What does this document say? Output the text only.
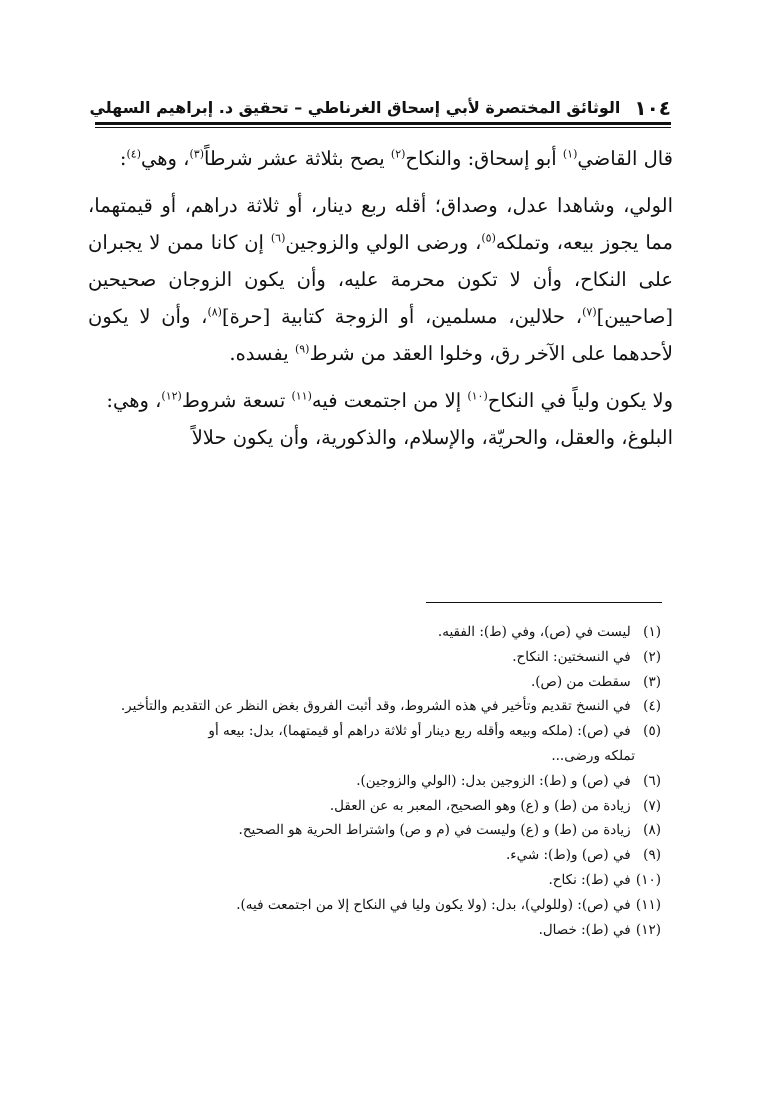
١٠٤
الوثائق المختصرة لأبي إسحاق الغرناطي – تحقيق د. إبراهيم السهلي

قال القاضي$^{(١)}$ أبو إسحاق: والنكاح$^{(٢)}$ يصح بثلاثة عشر شرطاً$^{(٣)}$، وهي$^{(٤)}$:

الولي، وشاهدا عدل، وصداق؛ أقله ربع دينار، أو ثلاثة دراهم، أو قيمتهما، مما يجوز بيعه، وتملكه$^{(٥)}$، ورضى الولي والزوجين$^{(٦)}$ إن كانا ممن لا يجبران على النكاح، وأن لا تكون محرمة عليه، وأن يكون الزوجان صحيحين [صاحيين]$^{(٧)}$، حلالين، مسلمين، أو الزوجة كتابية [حرة]$^{(٨)}$، وأن لا يكون لأحدهما على الآخر رق، وخلوا العقد من شرط$^{(٩)}$ يفسده.

ولا يكون ولياً في النكاح$^{(١٠)}$ إلا من اجتمعت فيه$^{(١١)}$ تسعة شروط$^{(١٢)}$، وهي:

البلوغ، والعقل، والحريّة، والإسلام، والذكورية، وأن يكون حلالاً

(١) ليست في (ص)، وفي (ط): الفقيه.
(٢) في النسختين: النكاح.
(٣) سقطت من (ص).
(٤) في النسخ تقديم وتأخير في هذه الشروط، وقد أثبت الفروق بغض النظر عن التقديم والتأخير.
(٥) في (ص): (ملكه وبيعه وأقله ربع دينار أو ثلاثة دراهم أو قيمتهما)، بدل: بيعه أو
تملكه ورضى...
(٦) في (ص) و (ط): الزوجين بدل: (الولي والزوجين).
(٧) زيادة من (ط) و (ع) وهو الصحيح، المعبر به عن العقل.
(٨) زيادة من (ط) و (ع) وليست في (م و ص) واشتراط الحرية هو الصحيح.
(٩) في (ص) و(ط): شيء.
(١٠) في (ط): نكاح.
(١١) في (ص): (وللولي)، بدل: (ولا يكون وليا في النكاح إلا من اجتمعت فيه).
(١٢) في (ط): خصال.
